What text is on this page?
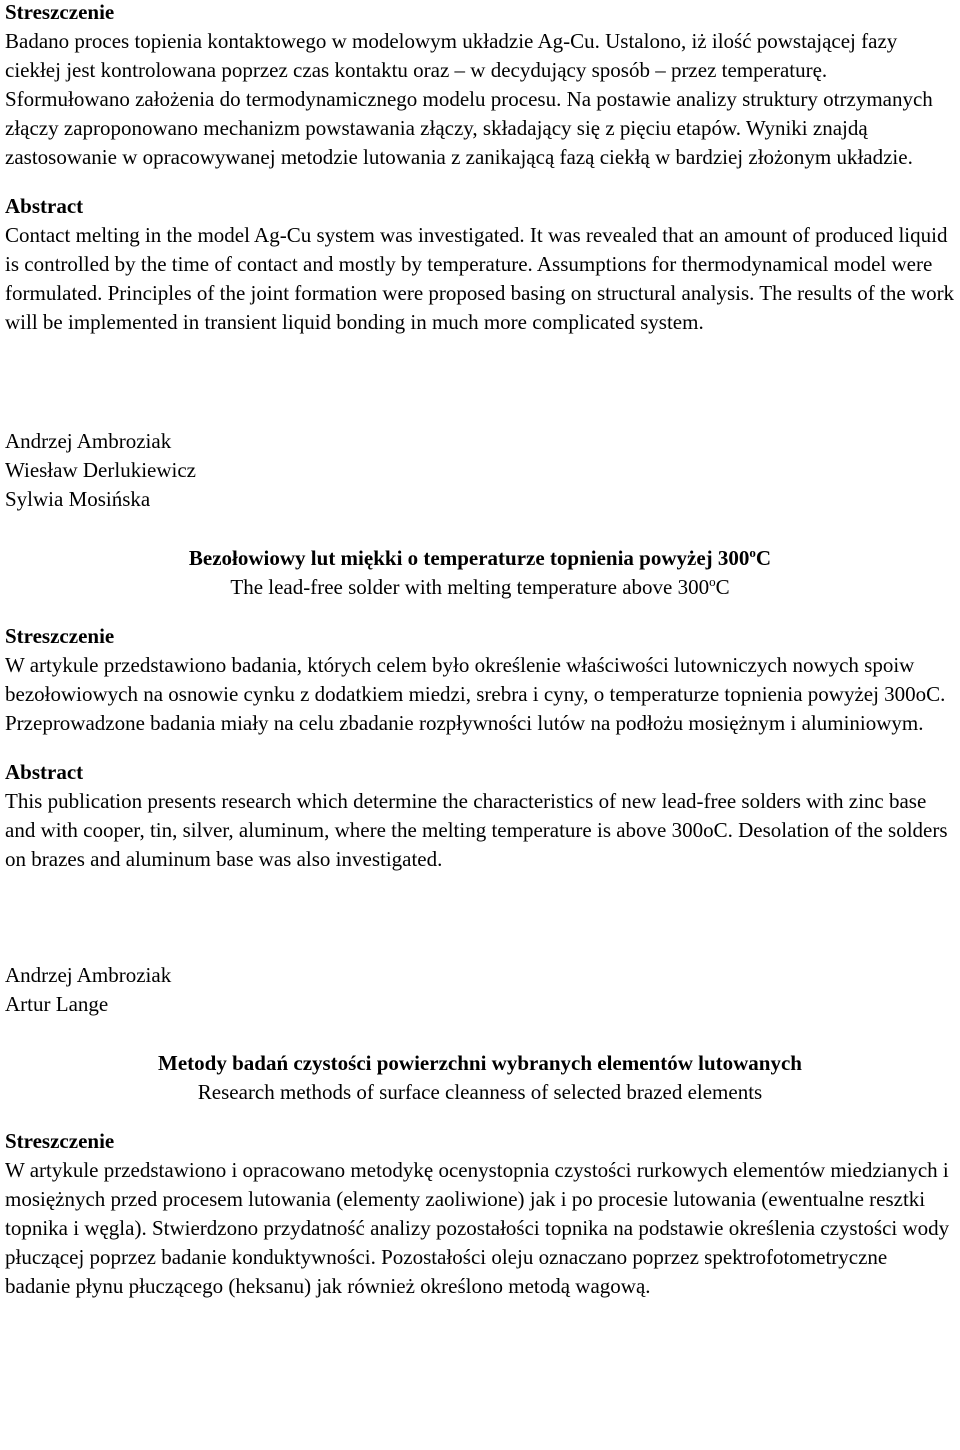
Streszczenie

Badano proces topienia kontaktowego w modelowym układzie Ag-Cu. Ustalono, iż ilość powstającej fazy ciekłej jest kontrolowana poprzez czas kontaktu oraz – w decydujący sposób – przez temperaturę. Sformułowano założenia do termodynamicznego modelu procesu. Na postawie analizy struktury otrzymanych złączy zaproponowano mechanizm powstawania złączy, składający się z pięciu etapów. Wyniki znajdą zastosowanie w opracowywanej metodzie lutowania z zanikającą fazą ciekłą w bardziej złożonym układzie.

Abstract

Contact melting in the model Ag-Cu system was investigated. It was revealed that an amount of produced liquid is controlled by the time of contact and mostly by temperature. Assumptions for thermodynamical model were formulated. Principles of the joint formation were proposed basing on structural analysis. The results of the work will be implemented in transient liquid bonding in much more complicated system.

Andrzej Ambroziak
Wiesław Derlukiewicz
Sylwia Mosińska

Bezołowiowy lut miękki o temperaturze topnienia powyżej 300$^o$C

The lead-free solder with melting temperature above 300$^o$C

Streszczenie

W artykule przedstawiono badania, których celem było określenie właściwości lutowniczych nowych spoiw bezołowiowych na osnowie cynku z dodatkiem miedzi, srebra i cyny, o temperaturze topnienia powyżej 300oC. Przeprowadzone badania miały na celu zbadanie rozpływności lutów na podłożu mosiężnym i aluminiowym.

Abstract

This publication presents research which determine the characteristics of new lead-free solders with zinc base and with cooper, tin, silver, aluminum, where the melting temperature is above 300oC. Desolation of the solders on brazes and aluminum base was also investigated.

Andrzej Ambroziak
Artur Lange

Metody badań czystości powierzchni wybranych elementów lutowanych

Research methods of surface cleanness of selected brazed elements

Streszczenie

W artykule przedstawiono i opracowano metodykę ocenystopnia czystości rurkowych elementów miedzianych i mosiężnych przed procesem lutowania (elementy zaoliwione) jak i po procesie lutowania (ewentualne resztki topnika i węgla). Stwierdzono przydatność analizy pozostałości topnika na podstawie określenia czystości wody płuczącej poprzez badanie konduktywności. Pozostałości oleju oznaczano poprzez spektrofotometryczne badanie płynu płuczącego (heksanu) jak również określono metodą wagową.
